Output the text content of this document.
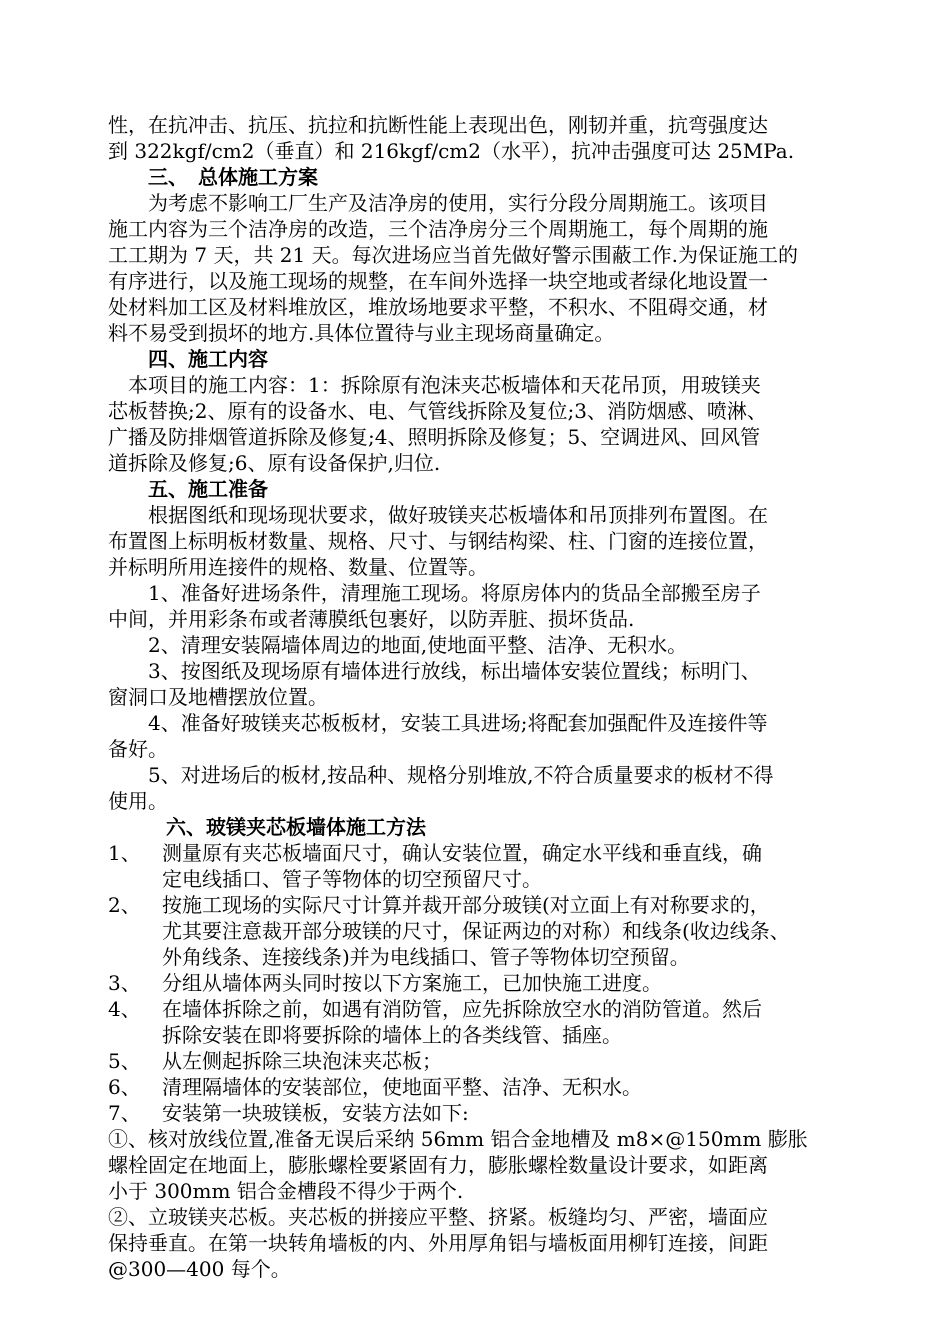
性，在抗冲击、抗压、抗拉和抗断性能上表现出色，刚韧并重，抗弯强度达
到 322kgf/cm2（垂直）和 216kgf/cm2（水平），抗冲击强度可达 25MPa.
三、　总体施工方案
为考虑不影响工厂生产及洁净房的使用，实行分段分周期施工。该项目
施工内容为三个洁净房的改造，三个洁净房分三个周期施工，每个周期的施
工工期为 7 天，共 21 天。每次进场应当首先做好警示围蔽工作.为保证施工的
有序进行，以及施工现场的规整，在车间外选择一块空地或者绿化地设置一
处材料加工区及材料堆放区，堆放场地要求平整，不积水、不阻碍交通，材
料不易受到损坏的地方.具体位置待与业主现场商量确定。
四、施工内容
本项目的施工内容：1：拆除原有泡沫夹芯板墙体和天花吊顶，用玻镁夹
芯板替换;2、原有的设备水、电、气管线拆除及复位;3、消防烟感、喷淋、
广播及防排烟管道拆除及修复;4、照明拆除及修复；5、空调进风、回风管
道拆除及修复;6、原有设备保护,归位.
五、施工准备
根据图纸和现场现状要求，做好玻镁夹芯板墙体和吊顶排列布置图。在
布置图上标明板材数量、规格、尺寸、与钢结构梁、柱、门窗的连接位置，
并标明所用连接件的规格、数量、位置等。
1、准备好进场条件，清理施工现场。将原房体内的货品全部搬至房子
中间，并用彩条布或者薄膜纸包裹好，以防弄脏、损坏货品.
2、清理安装隔墙体周边的地面,使地面平整、洁净、无积水。
3、按图纸及现场原有墙体进行放线，标出墙体安装位置线；标明门、
窗洞口及地槽摆放位置。
4、准备好玻镁夹芯板板材，安装工具进场;将配套加强配件及连接件等
备好。
5、对进场后的板材,按品种、规格分别堆放,不符合质量要求的板材不得
使用。
六、玻镁夹芯板墙体施工方法
1、 测量原有夹芯板墙面尺寸，确认安装位置，确定水平线和垂直线，确
定电线插口、管子等物体的切空预留尺寸。
2、 按施工现场的实际尺寸计算并裁开部分玻镁(对立面上有对称要求的，
尤其要注意裁开部分玻镁的尺寸，保证两边的对称）和线条(收边线条、
外角线条、连接线条)并为电线插口、管子等物体切空预留。
3、 分组从墙体两头同时按以下方案施工，已加快施工进度。
4、 在墙体拆除之前，如遇有消防管，应先拆除放空水的消防管道。然后
拆除安装在即将要拆除的墙体上的各类线管、插座。
5、 从左侧起拆除三块泡沫夹芯板；
6、 清理隔墙体的安装部位，使地面平整、洁净、无积水。
7、 安装第一块玻镁板，安装方法如下:
①、核对放线位置,准备无误后采纳 56mm 铝合金地槽及 m8×@150mm 膨胀
螺栓固定在地面上，膨胀螺栓要紧固有力，膨胀螺栓数量设计要求，如距离
小于 300mm 铝合金槽段不得少于两个.
②、立玻镁夹芯板。夹芯板的拼接应平整、挤紧。板缝均匀、严密，墙面应
保持垂直。在第一块转角墙板的内、外用厚角铝与墙板面用柳钉连接，间距
@300—400 每个。
